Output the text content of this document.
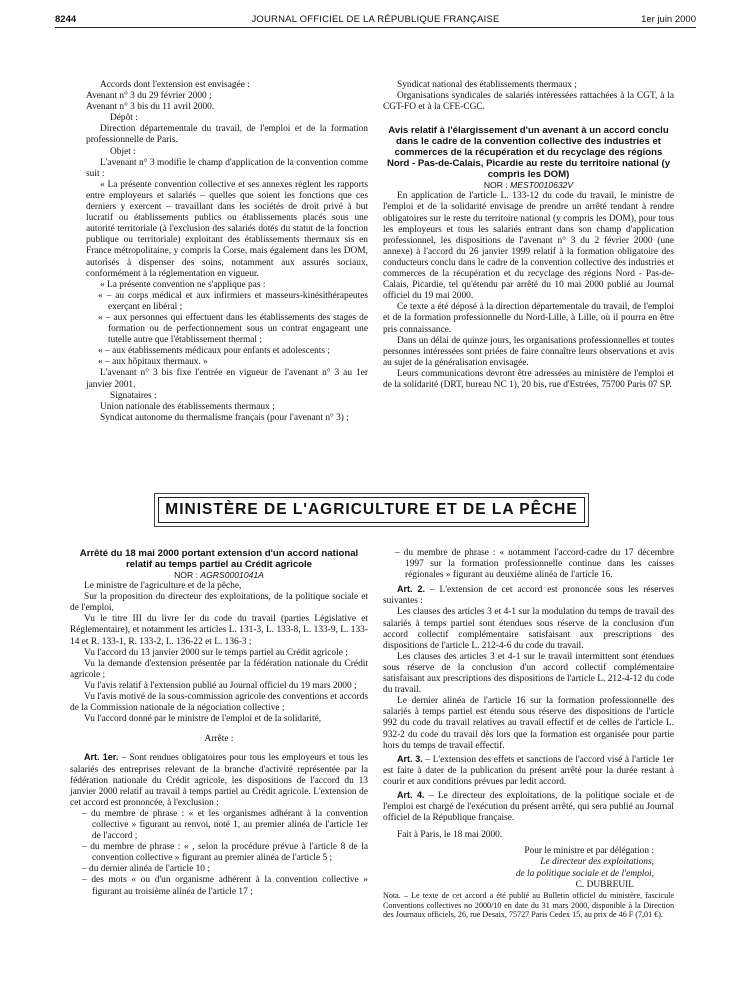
8244	JOURNAL OFFICIEL DE LA RÉPUBLIQUE FRANÇAISE	1er juin 2000

Accords dont l'extension est envisagée :

Avenant n° 3 du 29 février 2000 ;

Avenant n° 3 bis du 11 avril 2000.

Dépôt :

Direction départementale du travail, de l'emploi et de la formation professionnelle de Paris.

Objet :

L'avenant n° 3 modifie le champ d'application de la convention comme suit :

« La présente convention collective et ses annexes règlent les rapports entre employeurs et salariés – quelles que soient les fonctions que ces derniers y exercent – travaillant dans les sociétés de droit privé à but lucratif ou établissements publics ou établissements placés sous une autorité territoriale (à l'exclusion des salariés dotés du statut de la fonction publique ou territoriale) exploitant des établissements thermaux sis en France métropolitaine, y compris la Corse, mais également dans les DOM, autorisés à dispenser des soins, notamment aux assurés sociaux, conformément à la réglementation en vigueur.

« La présente convention ne s'applique pas :

« – au corps médical et aux infirmiers et masseurs-kinésithérapeutes exerçant en libéral ;

« – aux personnes qui effectuent dans les établissements des stages de formation ou de perfectionnement sous un contrat engageant une tutelle autre que l'établissement thermal ;

« – aux établissements médicaux pour enfants et adolescents ;

« – aux hôpitaux thermaux. »

L'avenant n° 3 bis fixe l'entrée en vigueur de l'avenant n° 3 au 1er janvier 2001.

Signataires :

Union nationale des établissements thermaux ;

Syndicat autonome du thermalisme français (pour l'avenant n° 3) ;

Syndicat national des établissements thermaux ;

Organisations syndicales de salariés intéressées rattachées à la CGT, à la CGT-FO et à la CFE-CGC.

Avis relatif à l'élargissement d'un avenant à un accord conclu dans le cadre de la convention collective des industries et commerces de la récupération et du recyclage des régions Nord - Pas-de-Calais, Picardie au reste du territoire national (y compris les DOM)

NOR : MEST0010632V

En application de l'article L. 133-12 du code du travail, le ministre de l'emploi et de la solidarité envisage de prendre un arrêté tendant à rendre obligatoires sur le reste du territoire national (y compris les DOM), pour tous les employeurs et tous les salariés entrant dans son champ d'application professionnel, les dispositions de l'avenant n° 3 du 2 février 2000 (une annexe) à l'accord du 26 janvier 1999 relatif à la formation obligatoire des conducteurs conclu dans le cadre de la convention collective des industries et commerces de la récupération et du recyclage des régions Nord - Pas-de-Calais, Picardie, tel qu'étendu par arrêté du 10 mai 2000 publié au Journal officiel du 19 mai 2000.

Ce texte a été déposé à la direction départementale du travail, de l'emploi et de la formation professionnelle du Nord-Lille, à Lille, où il pourra en être pris connaissance.

Dans un délai de quinze jours, les organisations professionnelles et toutes personnes intéressées sont priées de faire connaître leurs observations et avis au sujet de la généralisation envisagée.

Leurs communications devront être adressées au ministère de l'emploi et de la solidarité (DRT, bureau NC 1), 20 bis, rue d'Estrées, 75700 Paris 07 SP.

MINISTÈRE DE L'AGRICULTURE ET DE LA PÊCHE

Arrêté du 18 mai 2000 portant extension d'un accord national relatif au temps partiel au Crédit agricole

NOR : AGRS0001041A

Le ministre de l'agriculture et de la pêche,

Sur la proposition du directeur des exploitations, de la politique sociale et de l'emploi,

Vu le titre III du livre Ier du code du travail (parties Législative et Réglementaire), et notamment les articles L. 131-3, L. 133-8, L. 133-9, L. 133-14 et R. 133-1, R. 133-2, L. 136-22 et L. 136-3 ;

Vu l'accord du 13 janvier 2000 sur le temps partiel au Crédit agricole ;

Vu la demande d'extension présentée par la fédération nationale du Crédit agricole ;

Vu l'avis relatif à l'extension publié au Journal officiel du 19 mars 2000 ;

Vu l'avis motivé de la sous-commission agricole des conventions et accords de la Commission nationale de la négociation collective ;

Vu l'accord donné par le ministre de l'emploi et de la solidarité,

Arrête :

Art. 1er. – Sont rendues obligatoires pour tous les employeurs et tous les salariés des entreprises relevant de la branche d'activité représentée par la fédération nationale du Crédit agricole, les dispositions de l'accord du 13 janvier 2000 relatif au travail à temps partiel au Crédit agricole. L'extension de cet accord est prononcée, à l'exclusion :

– du membre de phrase : « et les organismes adhérant à la convention collective » figurant au renvoi, noté 1, au premier alinéa de l'article 1er de l'accord ;

– du membre de phrase : « , selon la procédure prévue à l'article 8 de la convention collective » figurant au premier alinéa de l'article 5 ;

– du dernier alinéa de l'article 10 ;

– des mots « ou d'un organisme adhérent à la convention collective » figurant au troisième alinéa de l'article 17 ;

– du membre de phrase : « notamment l'accord-cadre du 17 décembre 1997 sur la formation professionnelle continue dans les caisses régionales » figurant au deuxième alinéa de l'article 16.

Art. 2. – L'extension de cet accord est prononcée sous les réserves suivantes :

Les clauses des articles 3 et 4-1 sur la modulation du temps de travail des salariés à temps partiel sont étendues sous réserve de la conclusion d'un accord collectif complémentaire satisfaisant aux prescriptions des dispositions de l'article L. 212-4-6 du code du travail.

Les clauses des articles 3 et 4-1 sur le travail intermittent sont étendues sous réserve de la conclusion d'un accord collectif complémentaire satisfaisant aux prescriptions des dispositions de l'article L. 212-4-12 du code du travail.

Le dernier alinéa de l'article 16 sur la formation professionnelle des salariés à temps partiel est étendu sous réserve des dispositions de l'article 992 du code du travail relatives au travail effectif et de celles de l'article L. 932-2 du code du travail dès lors que la formation est organisée pour partie hors du temps de travail effectif.

Art. 3. – L'extension des effets et sanctions de l'accord visé à l'article 1er est faite à dater de la publication du présent arrêté pour la durée restant à courir et aux conditions prévues par ledit accord.

Art. 4. – Le directeur des exploitations, de la politique sociale et de l'emploi est chargé de l'exécution du présent arrêté, qui sera publié au Journal officiel de la République française.

Fait à Paris, le 18 mai 2000.

Pour le ministre et par délégation :

Le directeur des exploitations,

de la politique sociale et de l'emploi,

C. DUBREUIL

Nota. – Le texte de cet accord a été publié au Bulletin officiel du ministère, fascicule Conventions collectives no 2000/10 en date du 31 mars 2000, disponible à la Direction des Journaux officiels, 26, rue Desaix, 75727 Paris Cedex 15, au prix de 46 F (7,01 €).
